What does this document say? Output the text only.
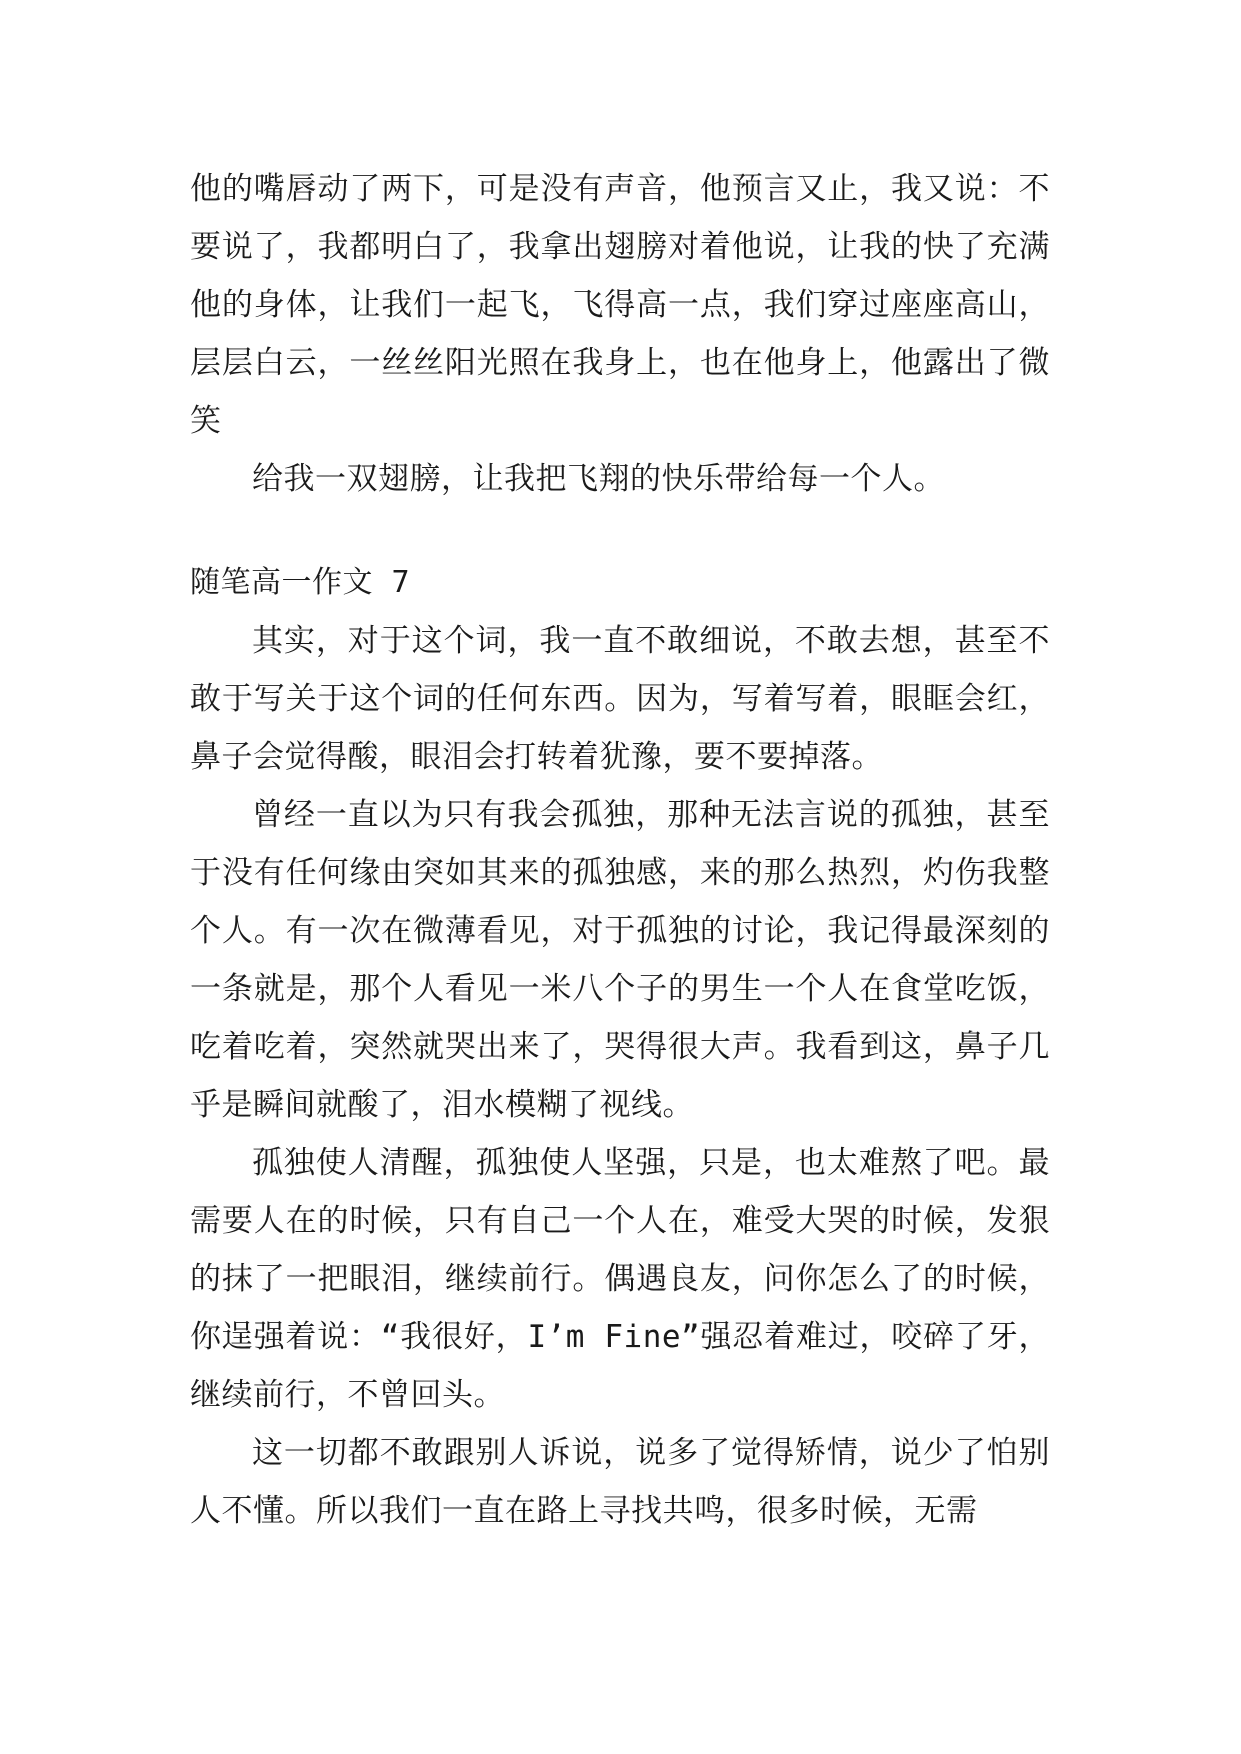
他的嘴唇动了两下，可是没有声音，他预言又止，我又说：不要说了，我都明白了，我拿出翅膀对着他说，让我的快了充满他的身体，让我们一起飞，飞得高一点，我们穿过座座高山，层层白云，一丝丝阳光照在我身上，也在他身上，他露出了微笑

给我一双翅膀，让我把飞翔的快乐带给每一个人。

随笔高一作文 7

其实，对于这个词，我一直不敢细说，不敢去想，甚至不敢于写关于这个词的任何东西。因为，写着写着，眼眶会红，鼻子会觉得酸，眼泪会打转着犹豫，要不要掉落。

曾经一直以为只有我会孤独，那种无法言说的孤独，甚至于没有任何缘由突如其来的孤独感，来的那么热烈，灼伤我整个人。有一次在微薄看见，对于孤独的讨论，我记得最深刻的一条就是，那个人看见一米八个子的男生一个人在食堂吃饭，吃着吃着，突然就哭出来了，哭得很大声。我看到这，鼻子几乎是瞬间就酸了，泪水模糊了视线。

孤独使人清醒，孤独使人坚强，只是，也太难熬了吧。最需要人在的时候，只有自己一个人在，难受大哭的时候，发狠的抹了一把眼泪，继续前行。偶遇良友，问你怎么了的时候，你逞强着说：“我很好，I’m Fine”强忍着难过，咬碎了牙，继续前行，不曾回头。

这一切都不敢跟别人诉说，说多了觉得矫情，说少了怕别人不懂。所以我们一直在路上寻找共鸣，很多时候，无需
